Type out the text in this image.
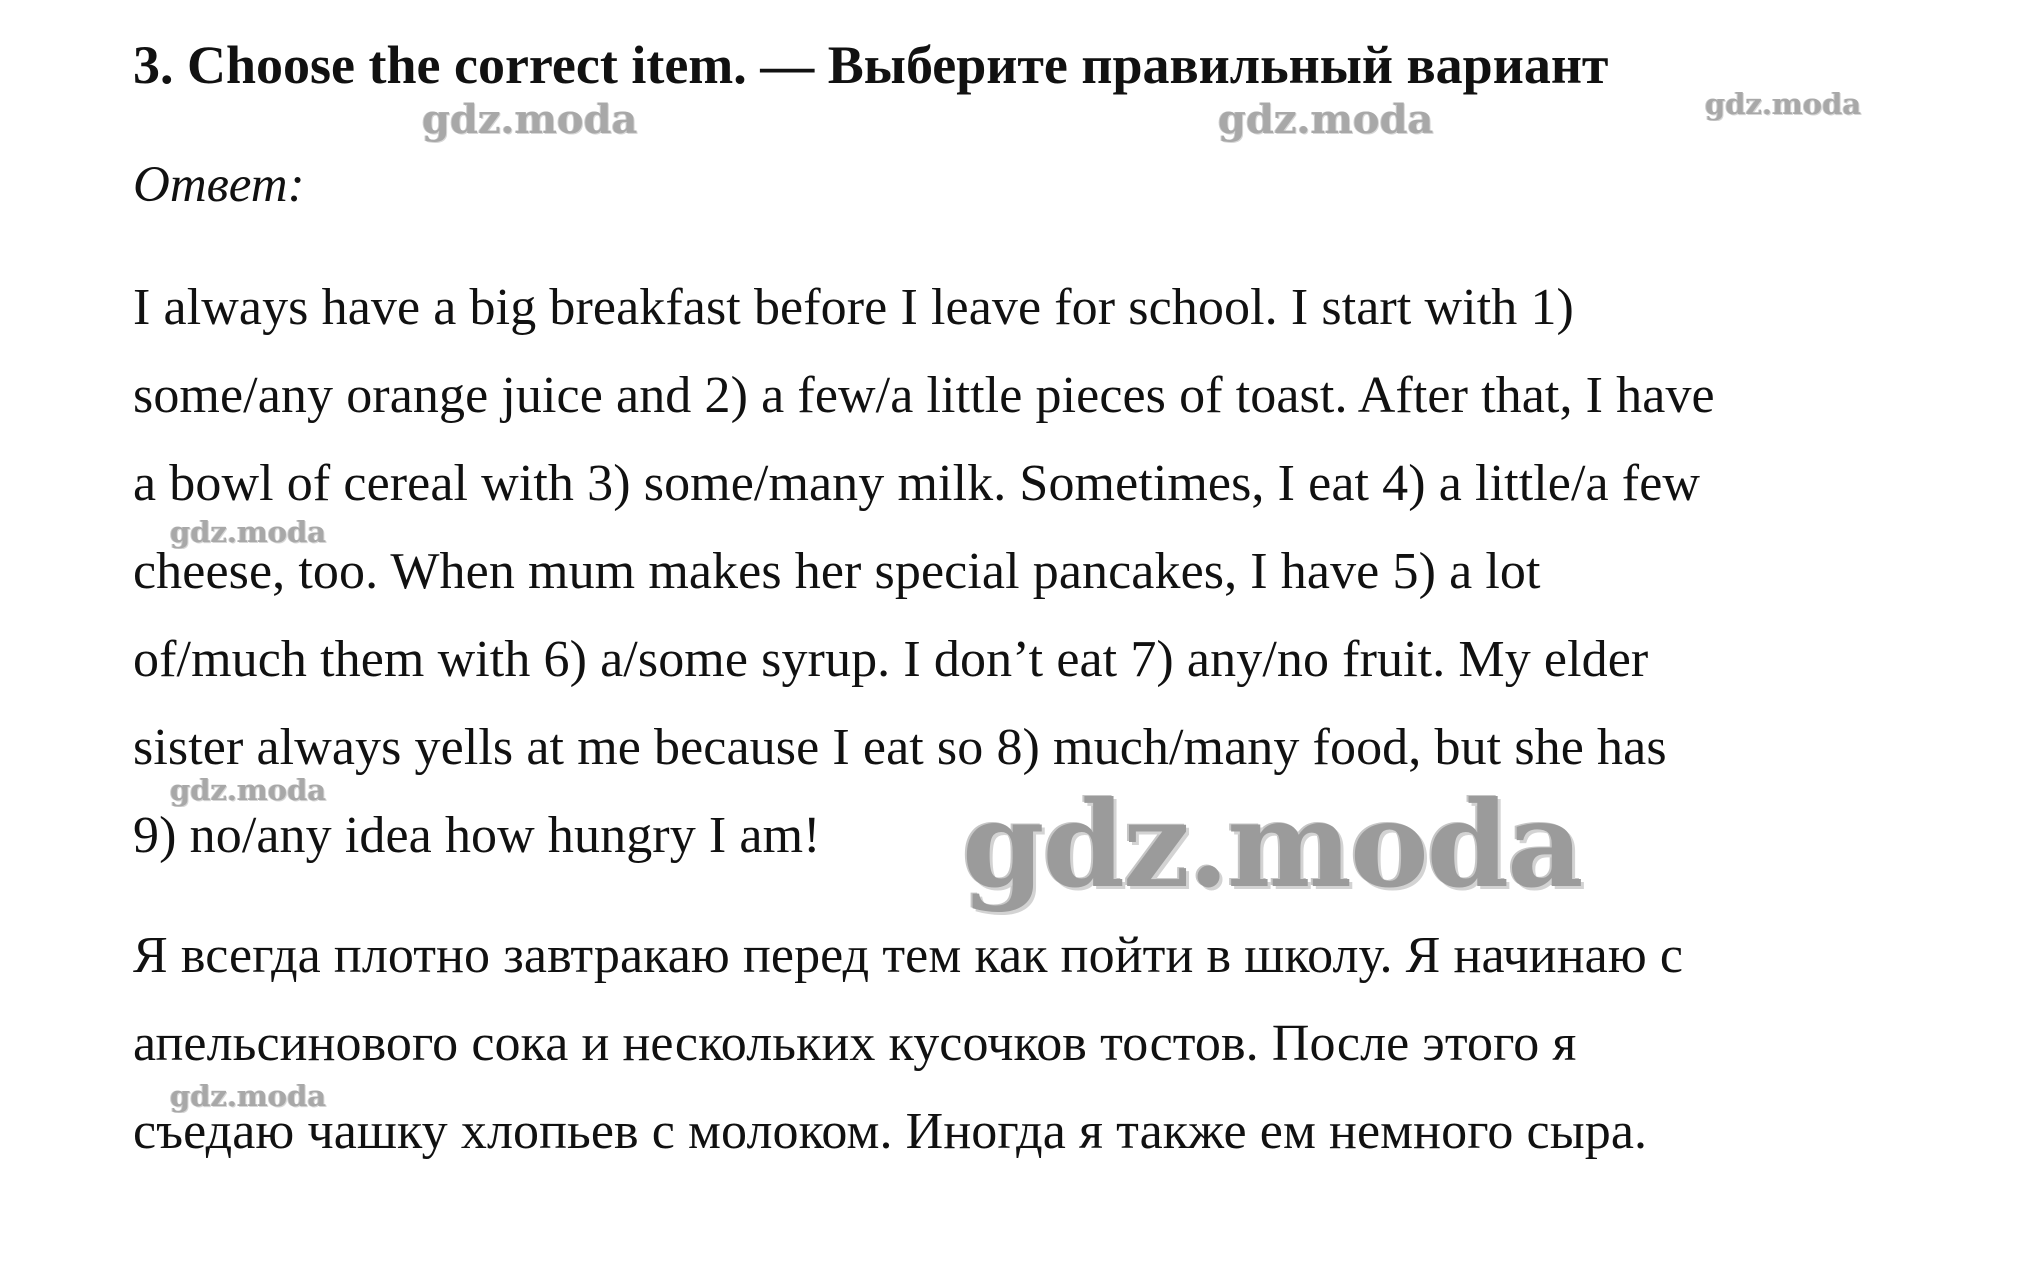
3. Choose the correct item. — Выберите правильный вариант
Ответ:
I always have a big breakfast before I leave for school. I start with 1)
some/any orange juice and 2) a few/a little pieces of toast. After that, I have
a bowl of cereal with 3) some/many milk. Sometimes, I eat 4) a little/a few
cheese, too. When mum makes her special pancakes, I have 5) a lot
of/much them with 6) a/some syrup. I don’t eat 7) any/no fruit. My elder
sister always yells at me because I eat so 8) much/many food, but she has
9) no/any idea how hungry I am!
Я всегда плотно завтракаю перед тем как пойти в школу. Я начинаю с
апельсинового сока и нескольких кусочков тостов. После этого я
съедаю чашку хлопьев с молоком. Иногда я также ем немного сыра.
gdz.moda	gdz.moda	gdz.moda
gdz.moda
gdz.moda	gdz.moda
gdz.moda
